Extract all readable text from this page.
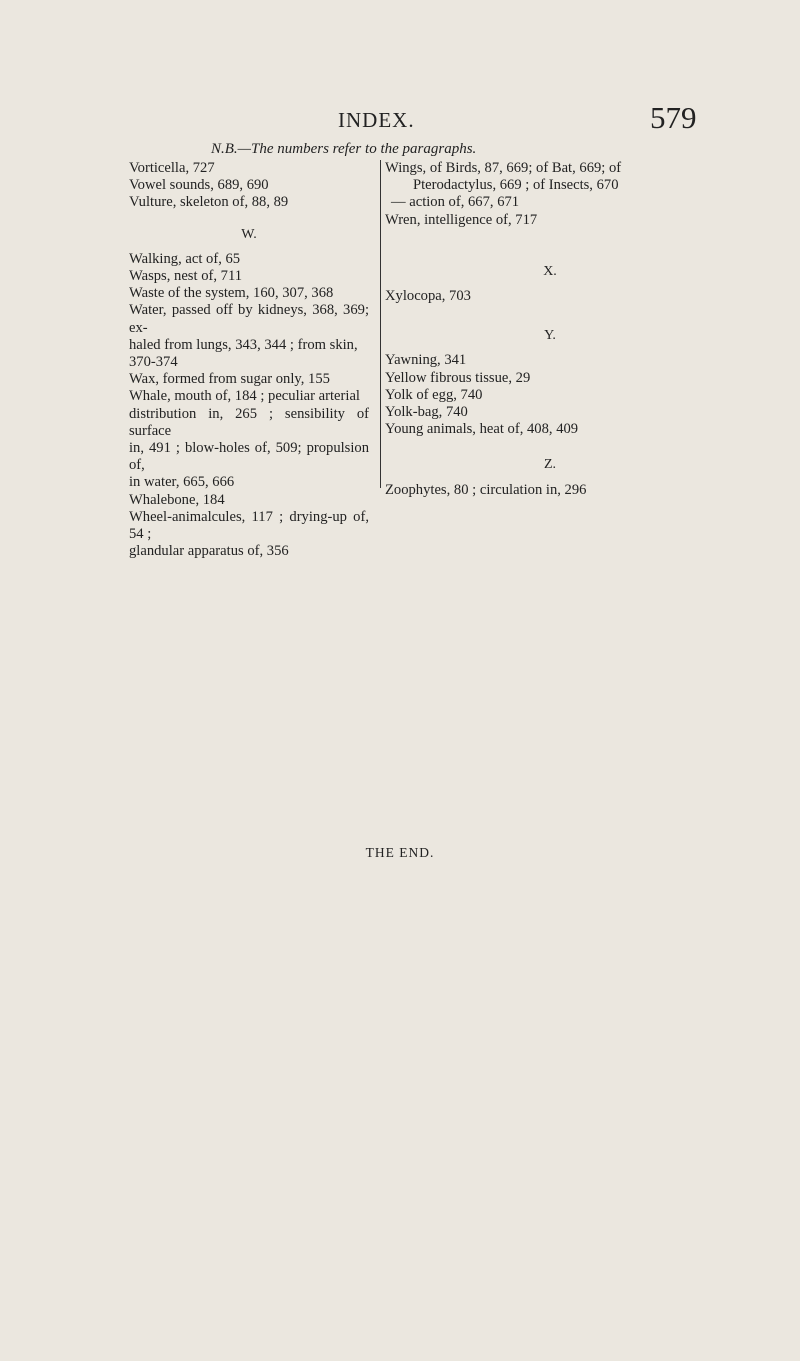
INDEX.	579
N.B.—The numbers refer to the paragraphs.
Vorticella, 727
Vowel sounds, 689, 690
Vulture, skeleton of, 88, 89
W.
Walking, act of, 65
Wasps, nest of, 711
Waste of the system, 160, 307, 368
Water, passed off by kidneys, 368, 369; ex-
haled from lungs, 343, 344 ; from skin,
370-374
Wax, formed from sugar only, 155
Whale, mouth of, 184 ; peculiar arterial
distribution in, 265 ; sensibility of surface
in, 491 ; blow-holes of, 509; propulsion of,
in water, 665, 666
Whalebone, 184
Wheel-animalcules, 117 ; drying-up of, 54 ;
glandular apparatus of, 356
Wings, of Birds, 87, 669; of Bat, 669; of
Pterodactylus, 669 ; of Insects, 670
— action of, 667, 671
Wren, intelligence of, 717
X.
Xylocopa, 703
Y.
Yawning, 341
Yellow fibrous tissue, 29
Yolk of egg, 740
Yolk-bag, 740
Young animals, heat of, 408, 409
Z.
Zoophytes, 80 ; circulation in, 296
THE END.
